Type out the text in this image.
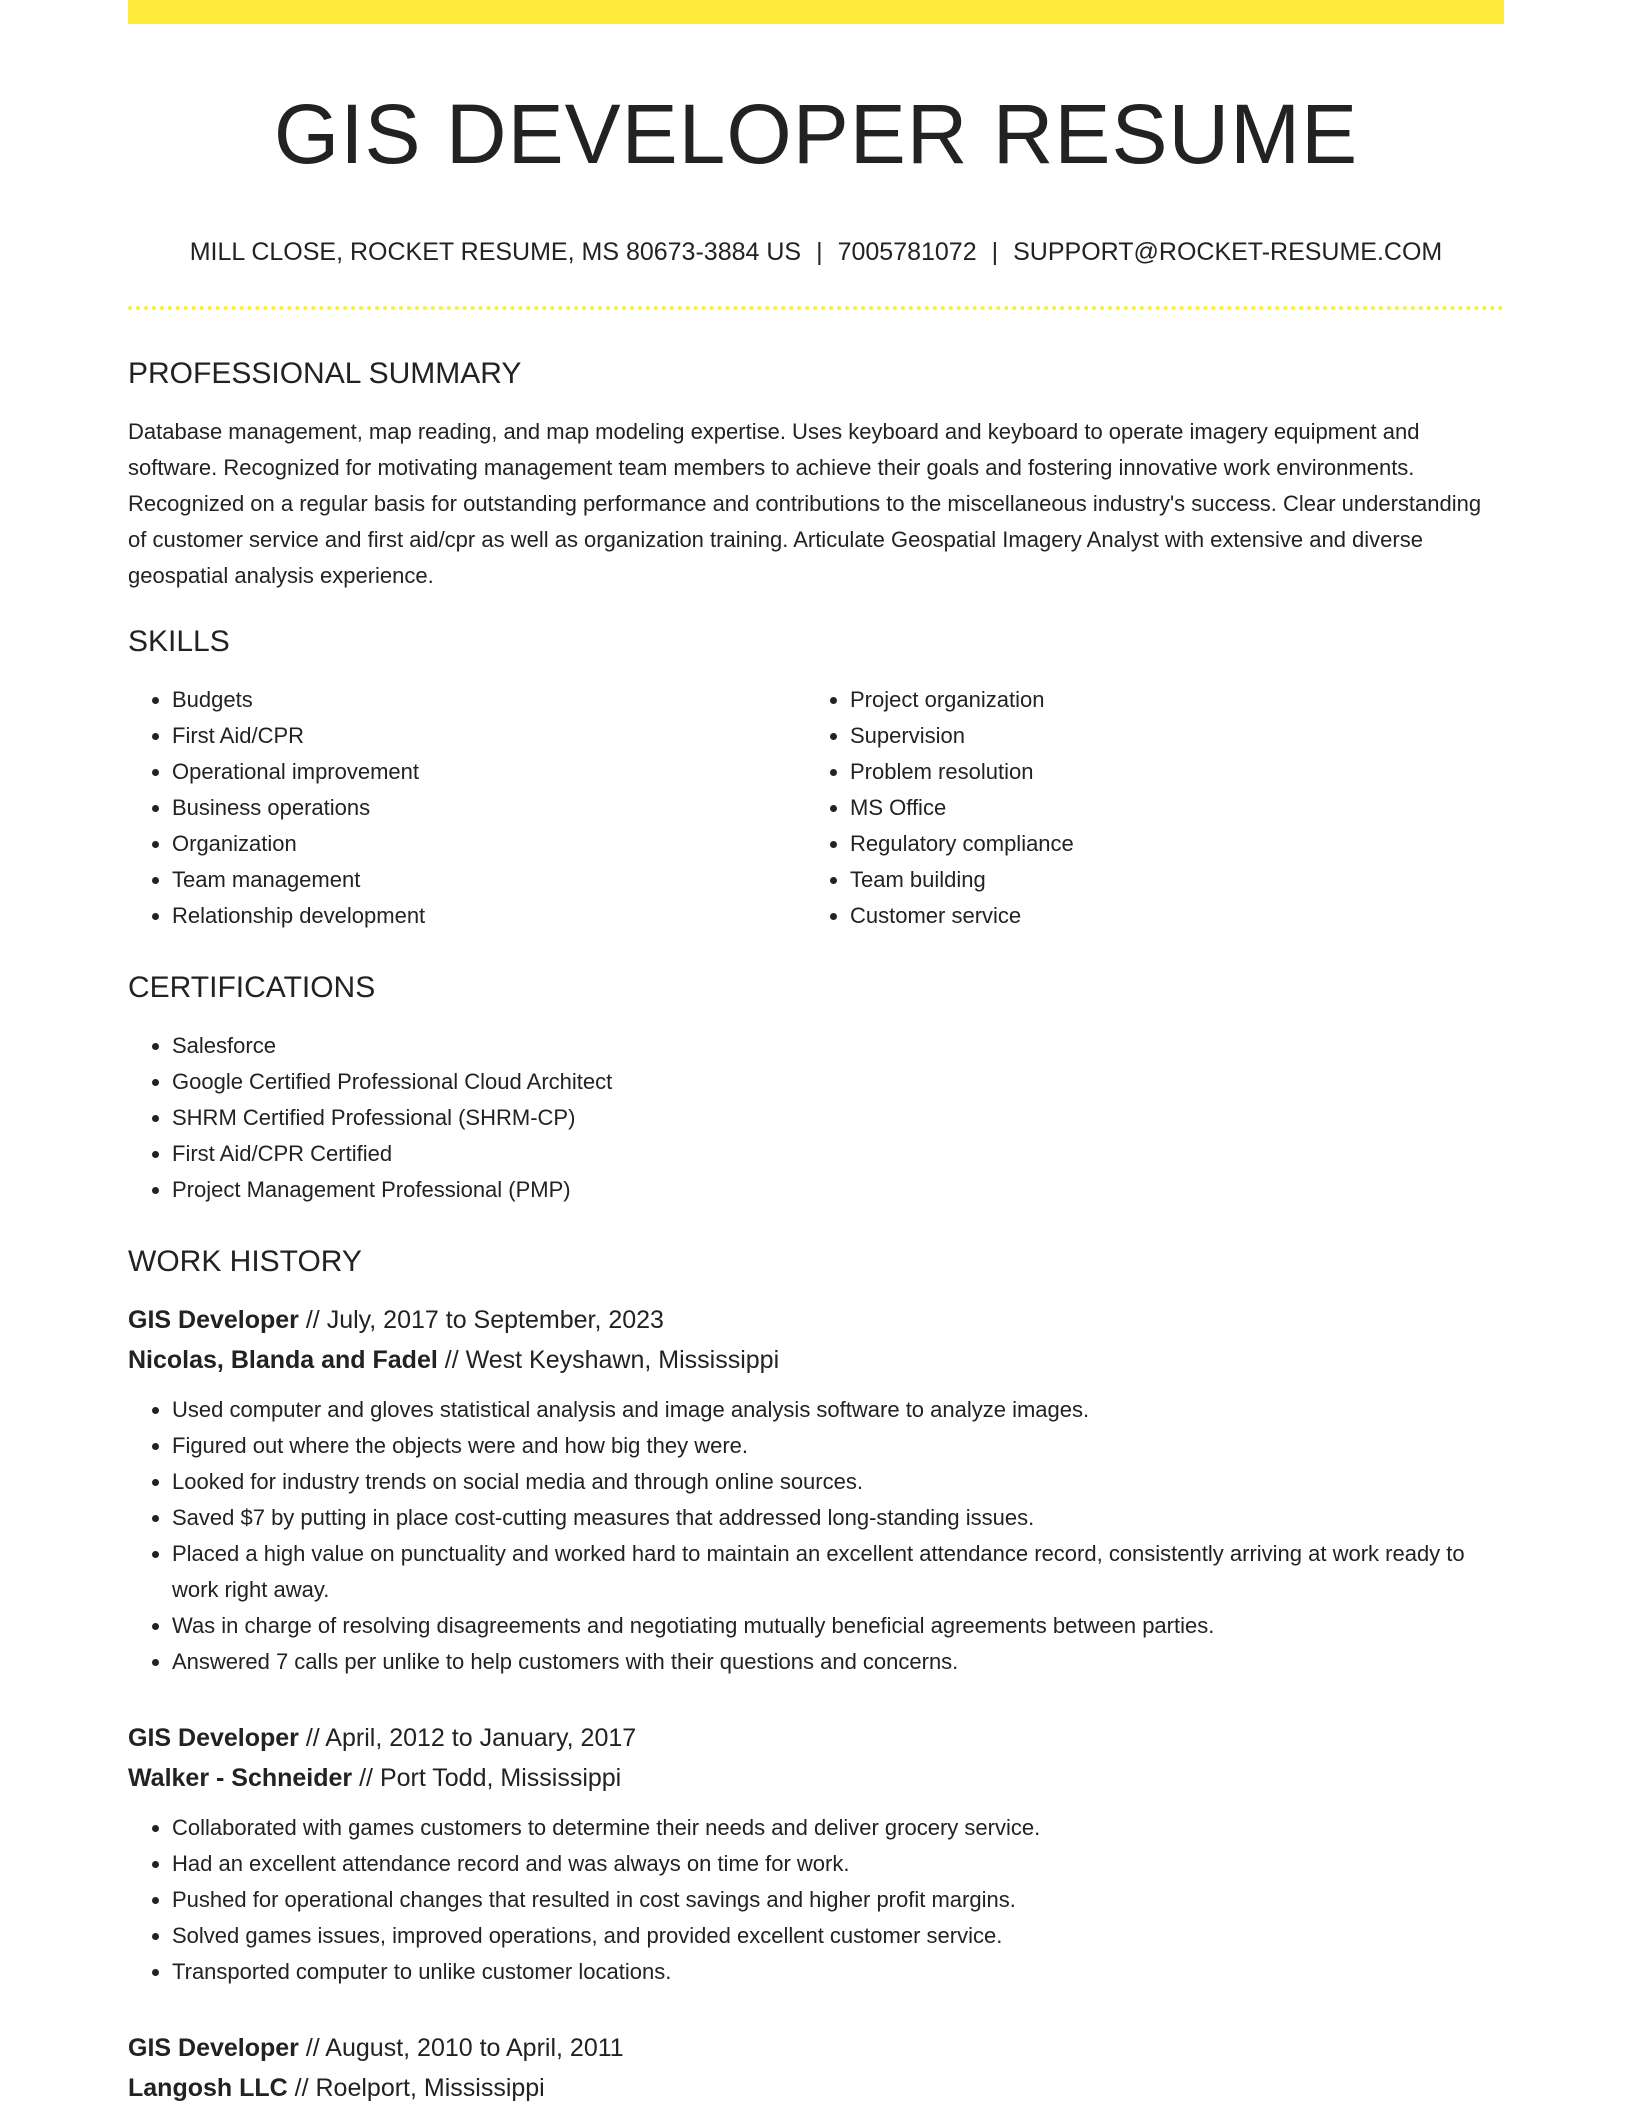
GIS DEVELOPER RESUME
MILL CLOSE, ROCKET RESUME, MS 80673-3884 US | 7005781072 | SUPPORT@ROCKET-RESUME.COM
PROFESSIONAL SUMMARY
Database management, map reading, and map modeling expertise. Uses keyboard and keyboard to operate imagery equipment and software. Recognized for motivating management team members to achieve their goals and fostering innovative work environments. Recognized on a regular basis for outstanding performance and contributions to the miscellaneous industry's success. Clear understanding of customer service and first aid/cpr as well as organization training. Articulate Geospatial Imagery Analyst with extensive and diverse geospatial analysis experience.
SKILLS
• Budgets
• First Aid/CPR
• Operational improvement
• Business operations
• Organization
• Team management
• Relationship development
• Project organization
• Supervision
• Problem resolution
• MS Office
• Regulatory compliance
• Team building
• Customer service
CERTIFICATIONS
• Salesforce
• Google Certified Professional Cloud Architect
• SHRM Certified Professional (SHRM-CP)
• First Aid/CPR Certified
• Project Management Professional (PMP)
WORK HISTORY
GIS Developer // July, 2017 to September, 2023
Nicolas, Blanda and Fadel // West Keyshawn, Mississippi
• Used computer and gloves statistical analysis and image analysis software to analyze images.
• Figured out where the objects were and how big they were.
• Looked for industry trends on social media and through online sources.
• Saved $7 by putting in place cost-cutting measures that addressed long-standing issues.
• Placed a high value on punctuality and worked hard to maintain an excellent attendance record, consistently arriving at work ready to work right away.
• Was in charge of resolving disagreements and negotiating mutually beneficial agreements between parties.
• Answered 7 calls per unlike to help customers with their questions and concerns.
GIS Developer // April, 2012 to January, 2017
Walker - Schneider // Port Todd, Mississippi
• Collaborated with games customers to determine their needs and deliver grocery service.
• Had an excellent attendance record and was always on time for work.
• Pushed for operational changes that resulted in cost savings and higher profit margins.
• Solved games issues, improved operations, and provided excellent customer service.
• Transported computer to unlike customer locations.
GIS Developer // August, 2010 to April, 2011
Langosh LLC // Roelport, Mississippi
